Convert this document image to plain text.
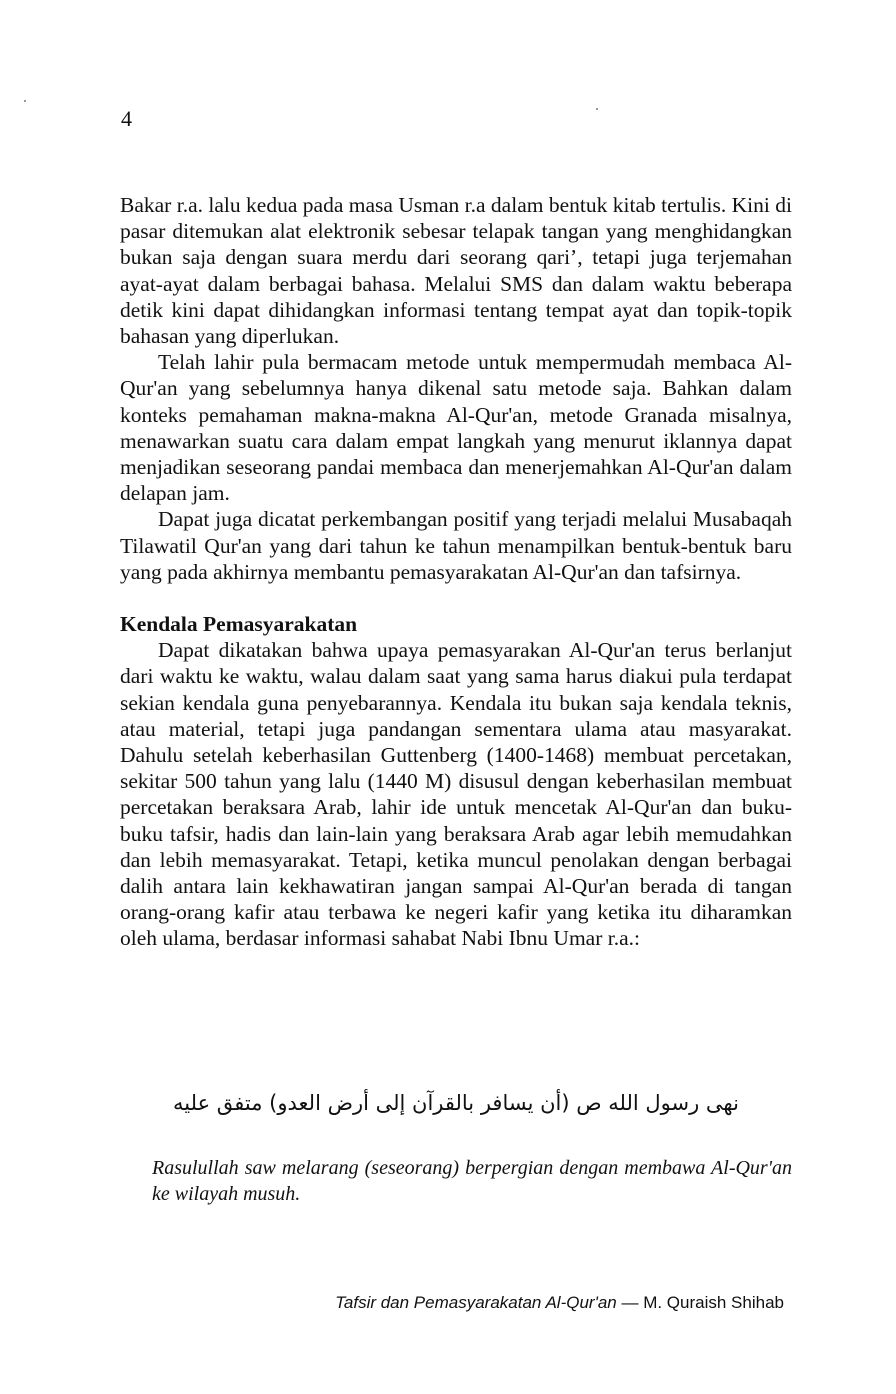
4

Bakar r.a. lalu kedua pada masa Usman r.a dalam bentuk kitab tertulis. Kini di pasar ditemukan alat elektronik sebesar telapak tangan yang menghidangkan bukan saja dengan suara merdu dari seorang qari’, tetapi juga terjemahan ayat-ayat dalam berbagai bahasa. Melalui SMS dan dalam waktu beberapa detik kini dapat dihidangkan informasi tentang tempat ayat dan topik-topik bahasan yang diperlukan.

Telah lahir pula bermacam metode untuk mempermudah membaca Al-Qur'an yang sebelumnya hanya dikenal satu metode saja. Bahkan dalam konteks pemahaman makna-makna Al-Qur'an, metode Granada misalnya, menawarkan suatu cara dalam empat langkah yang menurut iklannya dapat menjadikan seseorang pandai membaca dan menerjemahkan Al-Qur'an dalam delapan jam.

Dapat juga dicatat perkembangan positif yang terjadi melalui Musabaqah Tilawatil Qur'an yang dari tahun ke tahun menampilkan bentuk-bentuk baru yang pada akhirnya membantu pemasyarakatan Al-Qur'an dan tafsirnya.

Kendala Pemasyarakatan

Dapat dikatakan bahwa upaya pemasyarakan Al-Qur'an terus berlanjut dari waktu ke waktu, walau dalam saat yang sama harus diakui pula terdapat sekian kendala guna penyebarannya. Kendala itu bukan saja kendala teknis, atau material, tetapi juga pandangan sementara ulama atau masyarakat. Dahulu setelah keberhasilan Guttenberg (1400-1468) membuat percetakan, sekitar 500 tahun yang lalu (1440 M) disusul dengan keberhasilan membuat percetakan beraksara Arab, lahir ide untuk mencetak Al-Qur'an dan buku-buku tafsir, hadis dan lain-lain yang beraksara Arab agar lebih memudahkan dan lebih memasyarakat. Tetapi, ketika muncul penolakan dengan berbagai dalih antara lain kekhawatiran jangan sampai Al-Qur'an berada di tangan orang-orang kafir atau terbawa ke negeri kafir yang ketika itu diharamkan oleh ulama, berdasar informasi sahabat Nabi Ibnu Umar r.a.:

نهى رسول الله ص (أن يسافر بالقرآن إلى أرض العدو) متفق عليه
Rasulullah saw melarang (seseorang) berpergian dengan membawa Al-Qur'an ke wilayah musuh.
Tafsir dan Pemasyarakatan Al-Qur'an — M. Quraish Shihab
